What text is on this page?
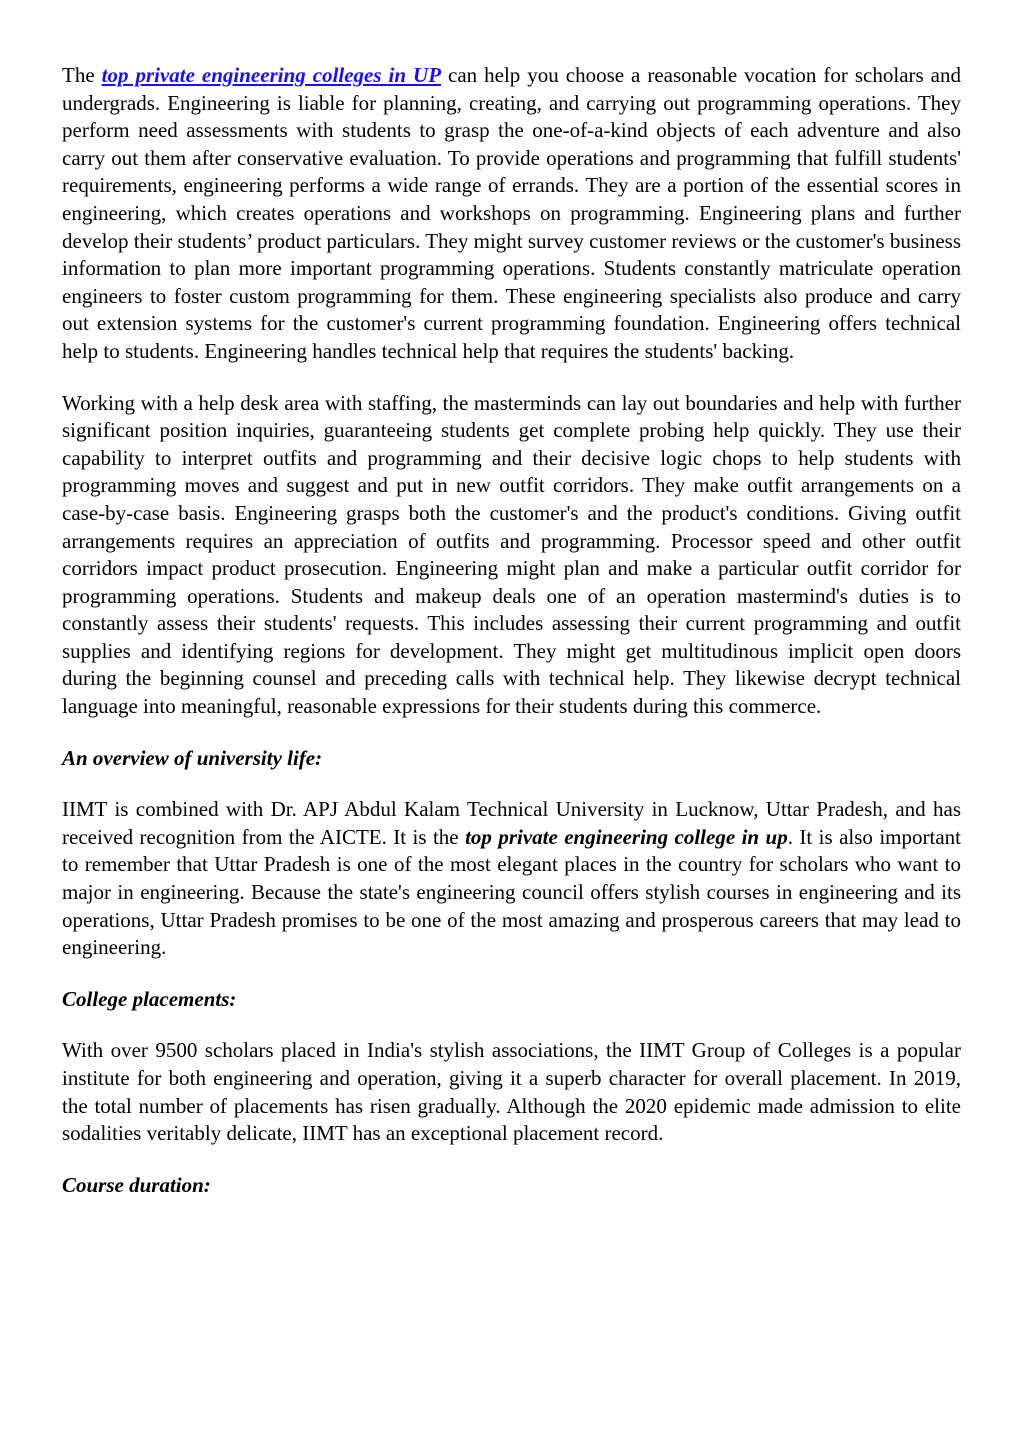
The top private engineering colleges in UP can help you choose a reasonable vocation for scholars and undergrads. Engineering is liable for planning, creating, and carrying out programming operations. They perform need assessments with students to grasp the one-of-a-kind objects of each adventure and also carry out them after conservative evaluation. To provide operations and programming that fulfill students' requirements, engineering performs a wide range of errands. They are a portion of the essential scores in engineering, which creates operations and workshops on programming. Engineering plans and further develop their students’ product particulars. They might survey customer reviews or the customer's business information to plan more important programming operations. Students constantly matriculate operation engineers to foster custom programming for them. These engineering specialists also produce and carry out extension systems for the customer's current programming foundation. Engineering offers technical help to students. Engineering handles technical help that requires the students' backing.

Working with a help desk area with staffing, the masterminds can lay out boundaries and help with further significant position inquiries, guaranteeing students get complete probing help quickly. They use their capability to interpret outfits and programming and their decisive logic chops to help students with programming moves and suggest and put in new outfit corridors. They make outfit arrangements on a case-by-case basis. Engineering grasps both the customer's and the product's conditions. Giving outfit arrangements requires an appreciation of outfits and programming. Processor speed and other outfit corridors impact product prosecution. Engineering might plan and make a particular outfit corridor for programming operations. Students and makeup deals one of an operation mastermind's duties is to constantly assess their students' requests. This includes assessing their current programming and outfit supplies and identifying regions for development. They might get multitudinous implicit open doors during the beginning counsel and preceding calls with technical help. They likewise decrypt technical language into meaningful, reasonable expressions for their students during this commerce.

An overview of university life:

IIMT is combined with Dr. APJ Abdul Kalam Technical University in Lucknow, Uttar Pradesh, and has received recognition from the AICTE. It is the top private engineering college in up. It is also important to remember that Uttar Pradesh is one of the most elegant places in the country for scholars who want to major in engineering. Because the state's engineering council offers stylish courses in engineering and its operations, Uttar Pradesh promises to be one of the most amazing and prosperous careers that may lead to engineering.

College placements:

With over 9500 scholars placed in India's stylish associations, the IIMT Group of Colleges is a popular institute for both engineering and operation, giving it a superb character for overall placement. In 2019, the total number of placements has risen gradually. Although the 2020 epidemic made admission to elite sodalities veritably delicate, IIMT has an exceptional placement record.

Course duration:
